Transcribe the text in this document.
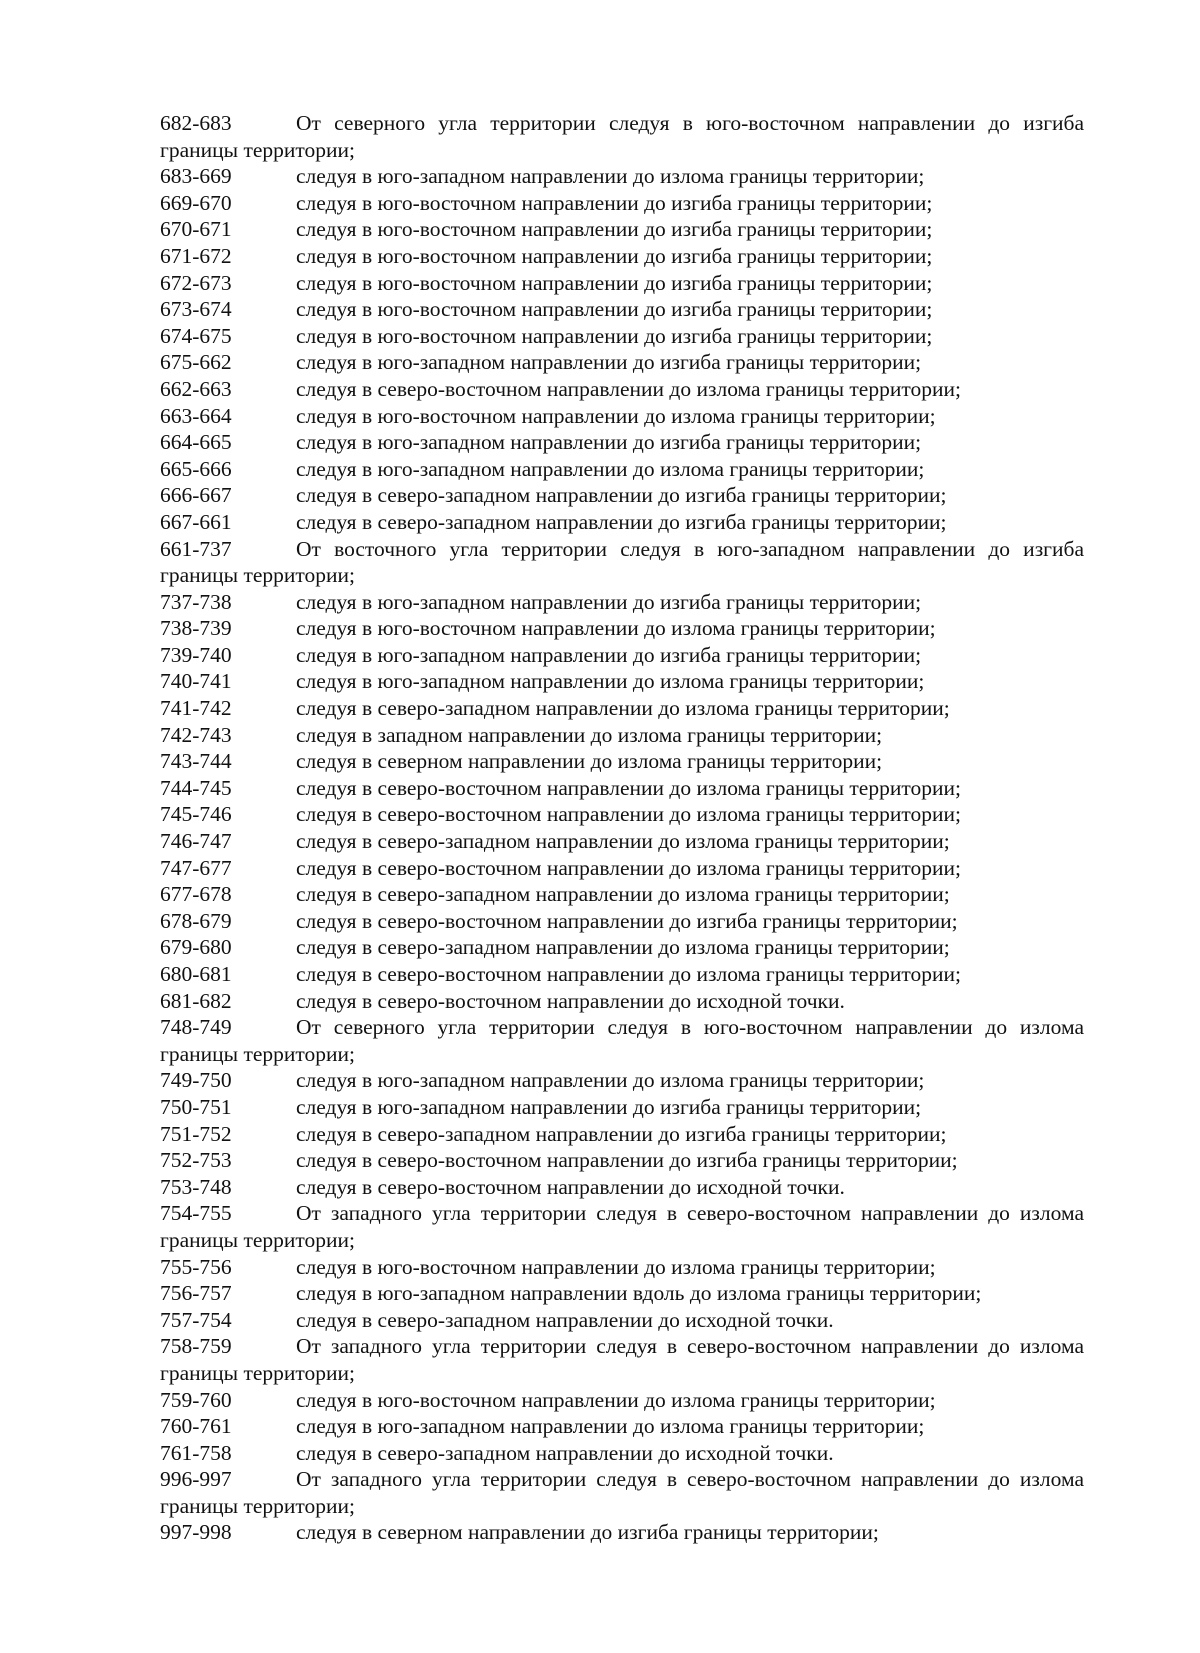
682-683	От северного угла территории следуя в юго-восточном направлении до изгиба границы территории;
683-669	следуя в юго-западном направлении до излома границы территории;
669-670	следуя в юго-восточном направлении до изгиба границы территории;
670-671	следуя в юго-восточном направлении до изгиба границы территории;
671-672	следуя в юго-восточном направлении до изгиба границы территории;
672-673	следуя в юго-восточном направлении до изгиба границы территории;
673-674	следуя в юго-восточном направлении до изгиба границы территории;
674-675	следуя в юго-восточном направлении до изгиба границы территории;
675-662	следуя в юго-западном направлении до изгиба границы территории;
662-663	следуя в северо-восточном направлении до излома границы территории;
663-664	следуя в юго-восточном направлении до излома границы территории;
664-665	следуя в юго-западном направлении до изгиба границы территории;
665-666	следуя в юго-западном направлении до излома границы территории;
666-667	следуя в северо-западном направлении до изгиба границы территории;
667-661	следуя в северо-западном направлении до изгиба границы территории;
661-737	От восточного угла территории следуя в юго-западном направлении до изгиба границы территории;
737-738	следуя в юго-западном направлении до изгиба границы территории;
738-739	следуя в юго-восточном направлении до излома границы территории;
739-740	следуя в юго-западном направлении до изгиба границы территории;
740-741	следуя в юго-западном направлении до излома границы территории;
741-742	следуя в северо-западном направлении до излома границы территории;
742-743	следуя в западном направлении до излома границы территории;
743-744	следуя в северном направлении до излома границы территории;
744-745	следуя в северо-восточном направлении до излома границы территории;
745-746	следуя в северо-восточном направлении до излома границы территории;
746-747	следуя в северо-западном направлении до излома границы территории;
747-677	следуя в северо-восточном направлении до излома границы территории;
677-678	следуя в северо-западном направлении до излома границы территории;
678-679	следуя в северо-восточном направлении до изгиба границы территории;
679-680	следуя в северо-западном направлении до излома границы территории;
680-681	следуя в северо-восточном направлении до излома границы территории;
681-682	следуя в северо-восточном направлении до исходной точки.
748-749	От северного угла территории следуя в юго-восточном направлении до излома границы территории;
749-750	следуя в юго-западном направлении до излома границы территории;
750-751	следуя в юго-западном направлении до изгиба границы территории;
751-752	следуя в северо-западном направлении до изгиба границы территории;
752-753	следуя в северо-восточном направлении до изгиба границы территории;
753-748	следуя в северо-восточном направлении до исходной точки.
754-755	От западного угла территории следуя в северо-восточном направлении до излома границы территории;
755-756	следуя в юго-восточном направлении до излома границы территории;
756-757	следуя в юго-западном направлении вдоль до излома границы территории;
757-754	следуя в северо-западном направлении до исходной точки.
758-759	От западного угла территории следуя в северо-восточном направлении до излома границы территории;
759-760	следуя в юго-восточном направлении до излома границы территории;
760-761	следуя в юго-западном направлении до излома границы территории;
761-758	следуя в северо-западном направлении до исходной точки.
996-997	От западного угла территории следуя в северо-восточном направлении до излома границы территории;
997-998	следуя в северном направлении до изгиба границы территории;
